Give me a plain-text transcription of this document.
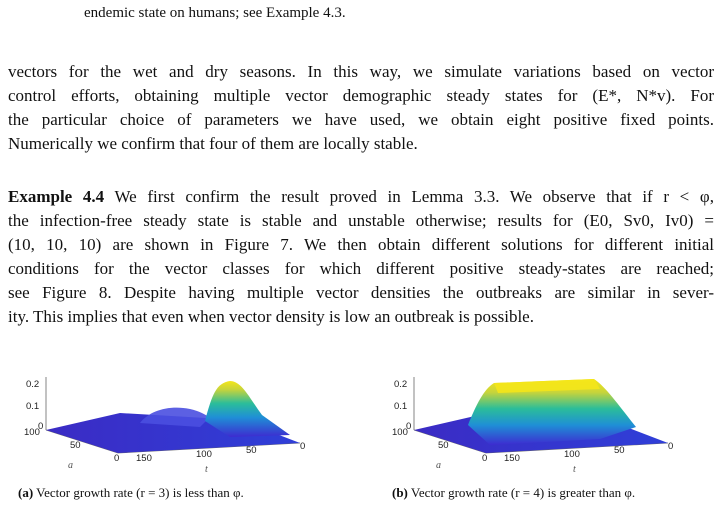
endemic state on humans; see Example 4.3.
vectors for the wet and dry seasons. In this way, we simulate variations based on vector
control efforts, obtaining multiple vector demographic steady states for (E*, N*v). For
the particular choice of parameters we have used, we obtain eight positive fixed points.
Numerically we confirm that four of them are locally stable.
Example 4.4 We first confirm the result proved in Lemma 3.3. We observe that if r < φ,
the infection-free steady state is stable and unstable otherwise; results for (E0, Sv0, Iv0) =
(10, 10, 10) are shown in Figure 7. We then obtain different solutions for different initial
conditions for the vector classes for which different positive steady-states are reached;
see Figure 8. Despite having multiple vector densities the outbreaks are similar in sever-
ity. This implies that even when vector density is low an outbreak is possible.
0.2
0.1
0
100
50
0 150	100	50	0
a	t
0.2
0.1
0
100
50
0 150	100	50	0
a	t
(a) Vector growth rate (r = 3) is less than φ.	(b) Vector growth rate (r = 4) is greater than φ.
